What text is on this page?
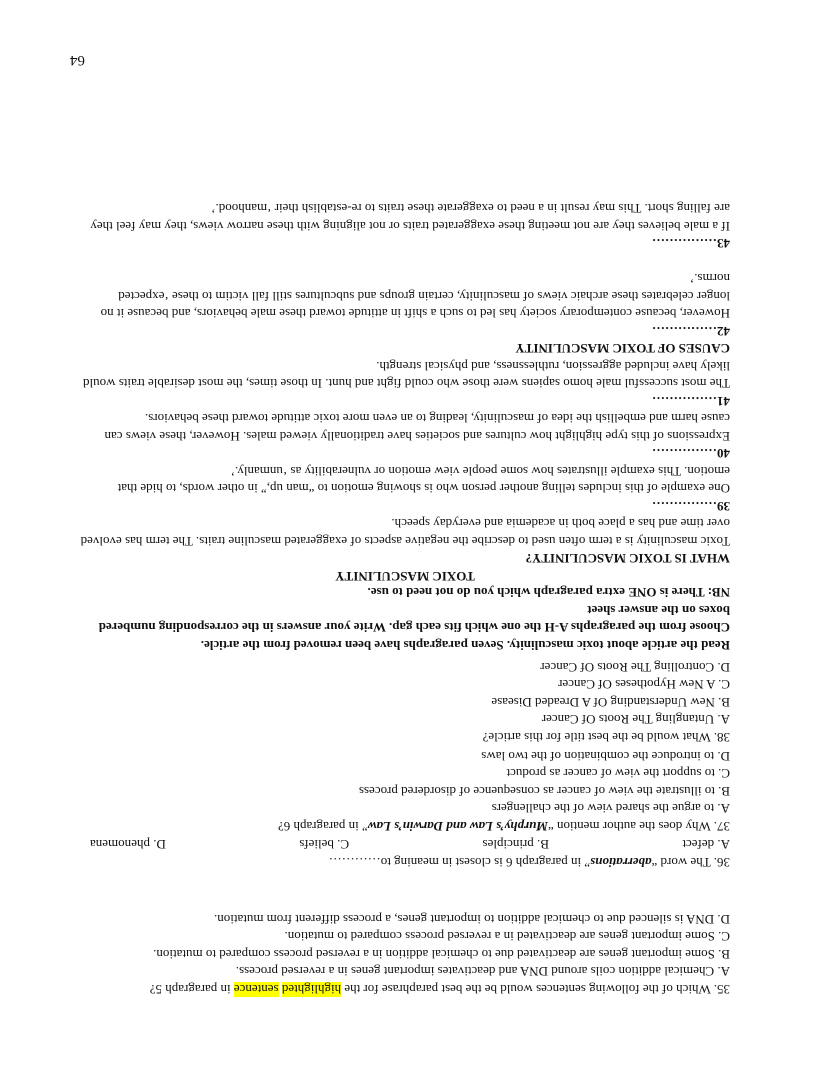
35. Which of the following sentences would be the best paraphrase for the highlighted sentence in paragraph 5?

A. Chemical addition coils around DNA and deactivates important genes in a reversed process.

B. Some important genes are deactivated due to chemical addition in a reversed process compared to mutation.

C. Some important genes are deactivated in a reversed process compared to mutation.

D. DNA is silenced due to chemical addition to important genes, a process different from mutation.

36. The word “aberrations” in paragraph 6 is closest in meaning to…………

A. defect
B. principles
C. beliefs
D. phenomena

37. Why does the author mention “Murphy’s Law and Darwin’s Law” in paragraph 6?

A. to argue the shared view of the challengers

B. to illustrate the view of cancer as consequence of disordered process

C. to support the view of cancer as product

D. to introduce the combination of the two laws

38. What would be the best title for this article?

A. Untangling The Roots Of Cancer

B. New Understanding Of A Dreaded Disease

C. A New Hypotheses Of Cancer

D. Controlling The Roots Of Cancer

Read the article about toxic masculinity. Seven paragraphs have been removed from the article.

Choose from the paragraphs A-H the one which fits each gap. Write your answers in the corresponding numbered boxes on the answer sheet

NB: There is ONE extra paragraph which you do not need to use.

TOXIC MASCULINITY

WHAT IS TOXIC MASCULINITY?

Toxic masculinity is a term often used to describe the negative aspects of exaggerated masculine traits. The term has evolved over time and has a place both in academia and everyday speech.

39……………

One example of this includes telling another person who is showing emotion to “man up,” in other words, to hide that emotion. This example illustrates how some people view emotion or vulnerability as ‘unmanly.’

40……………

Expressions of this type highlight how cultures and societies have traditionally viewed males. However, these views can cause harm and embellish the idea of masculinity, leading to an even more toxic attitude toward these behaviors.

41……………

The most successful male homo sapiens were those who could fight and hunt. In those times, the most desirable traits would likely have included aggression, ruthlessness, and physical strength.

CAUSES OF TOXIC MASCULINITY

42……………

However, because contemporary society has led to such a shift in attitude toward these male behaviors, and because it no longer celebrates these archaic views of masculinity, certain groups and subcultures still fall victim to these ‘expected norms.’

43……………

If a male believes they are not meeting these exaggerated traits or not aligning with these narrow views, they may feel they are falling short. This may result in a need to exaggerate these traits to re-establish their ‘manhood.’

64
